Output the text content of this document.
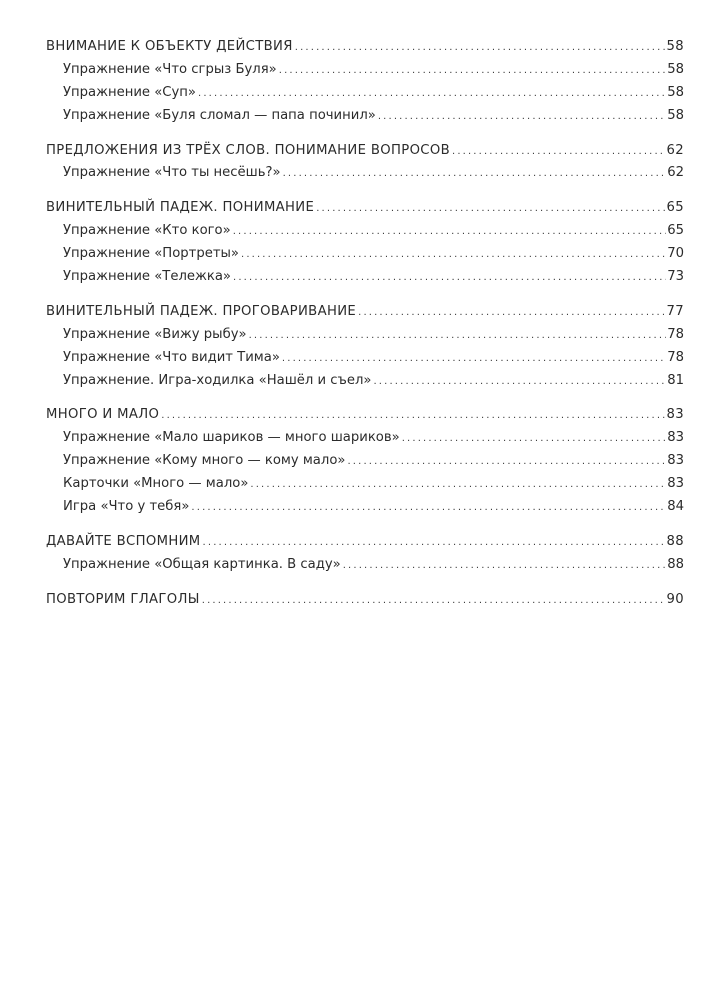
ВНИМАНИЕ К ОБЪЕКТУ ДЕЙСТВИЯ .....	58
Упражнение «Что сгрыз Буля» .....	58
Упражнение «Суп» .....	58
Упражнение «Буля сломал — папа починил» .....	58
ПРЕДЛОЖЕНИЯ ИЗ ТРЁХ СЛОВ. ПОНИМАНИЕ ВОПРОСОВ .....	62
Упражнение «Что ты несёшь?» .....	62
ВИНИТЕЛЬНЫЙ ПАДЕЖ. ПОНИМАНИЕ .....	65
Упражнение «Кто кого» .....	65
Упражнение «Портреты» .....	70
Упражнение «Тележка» .....	73
ВИНИТЕЛЬНЫЙ ПАДЕЖ. ПРОГОВАРИВАНИЕ .....	77
Упражнение «Вижу рыбу» .....	78
Упражнение «Что видит Тима» .....	78
Упражнение. Игра-ходилка «Нашёл и съел» .....	81
МНОГО И МАЛО .....	83
Упражнение «Мало шариков — много шариков» .....	83
Упражнение «Кому много — кому мало» .....	83
Карточки «Много — мало» .....	83
Игра «Что у тебя» .....	84
ДАВАЙТЕ ВСПОМНИМ .....	88
Упражнение «Общая картинка. В саду» .....	88
ПОВТОРИМ ГЛАГОЛЫ .....	90
